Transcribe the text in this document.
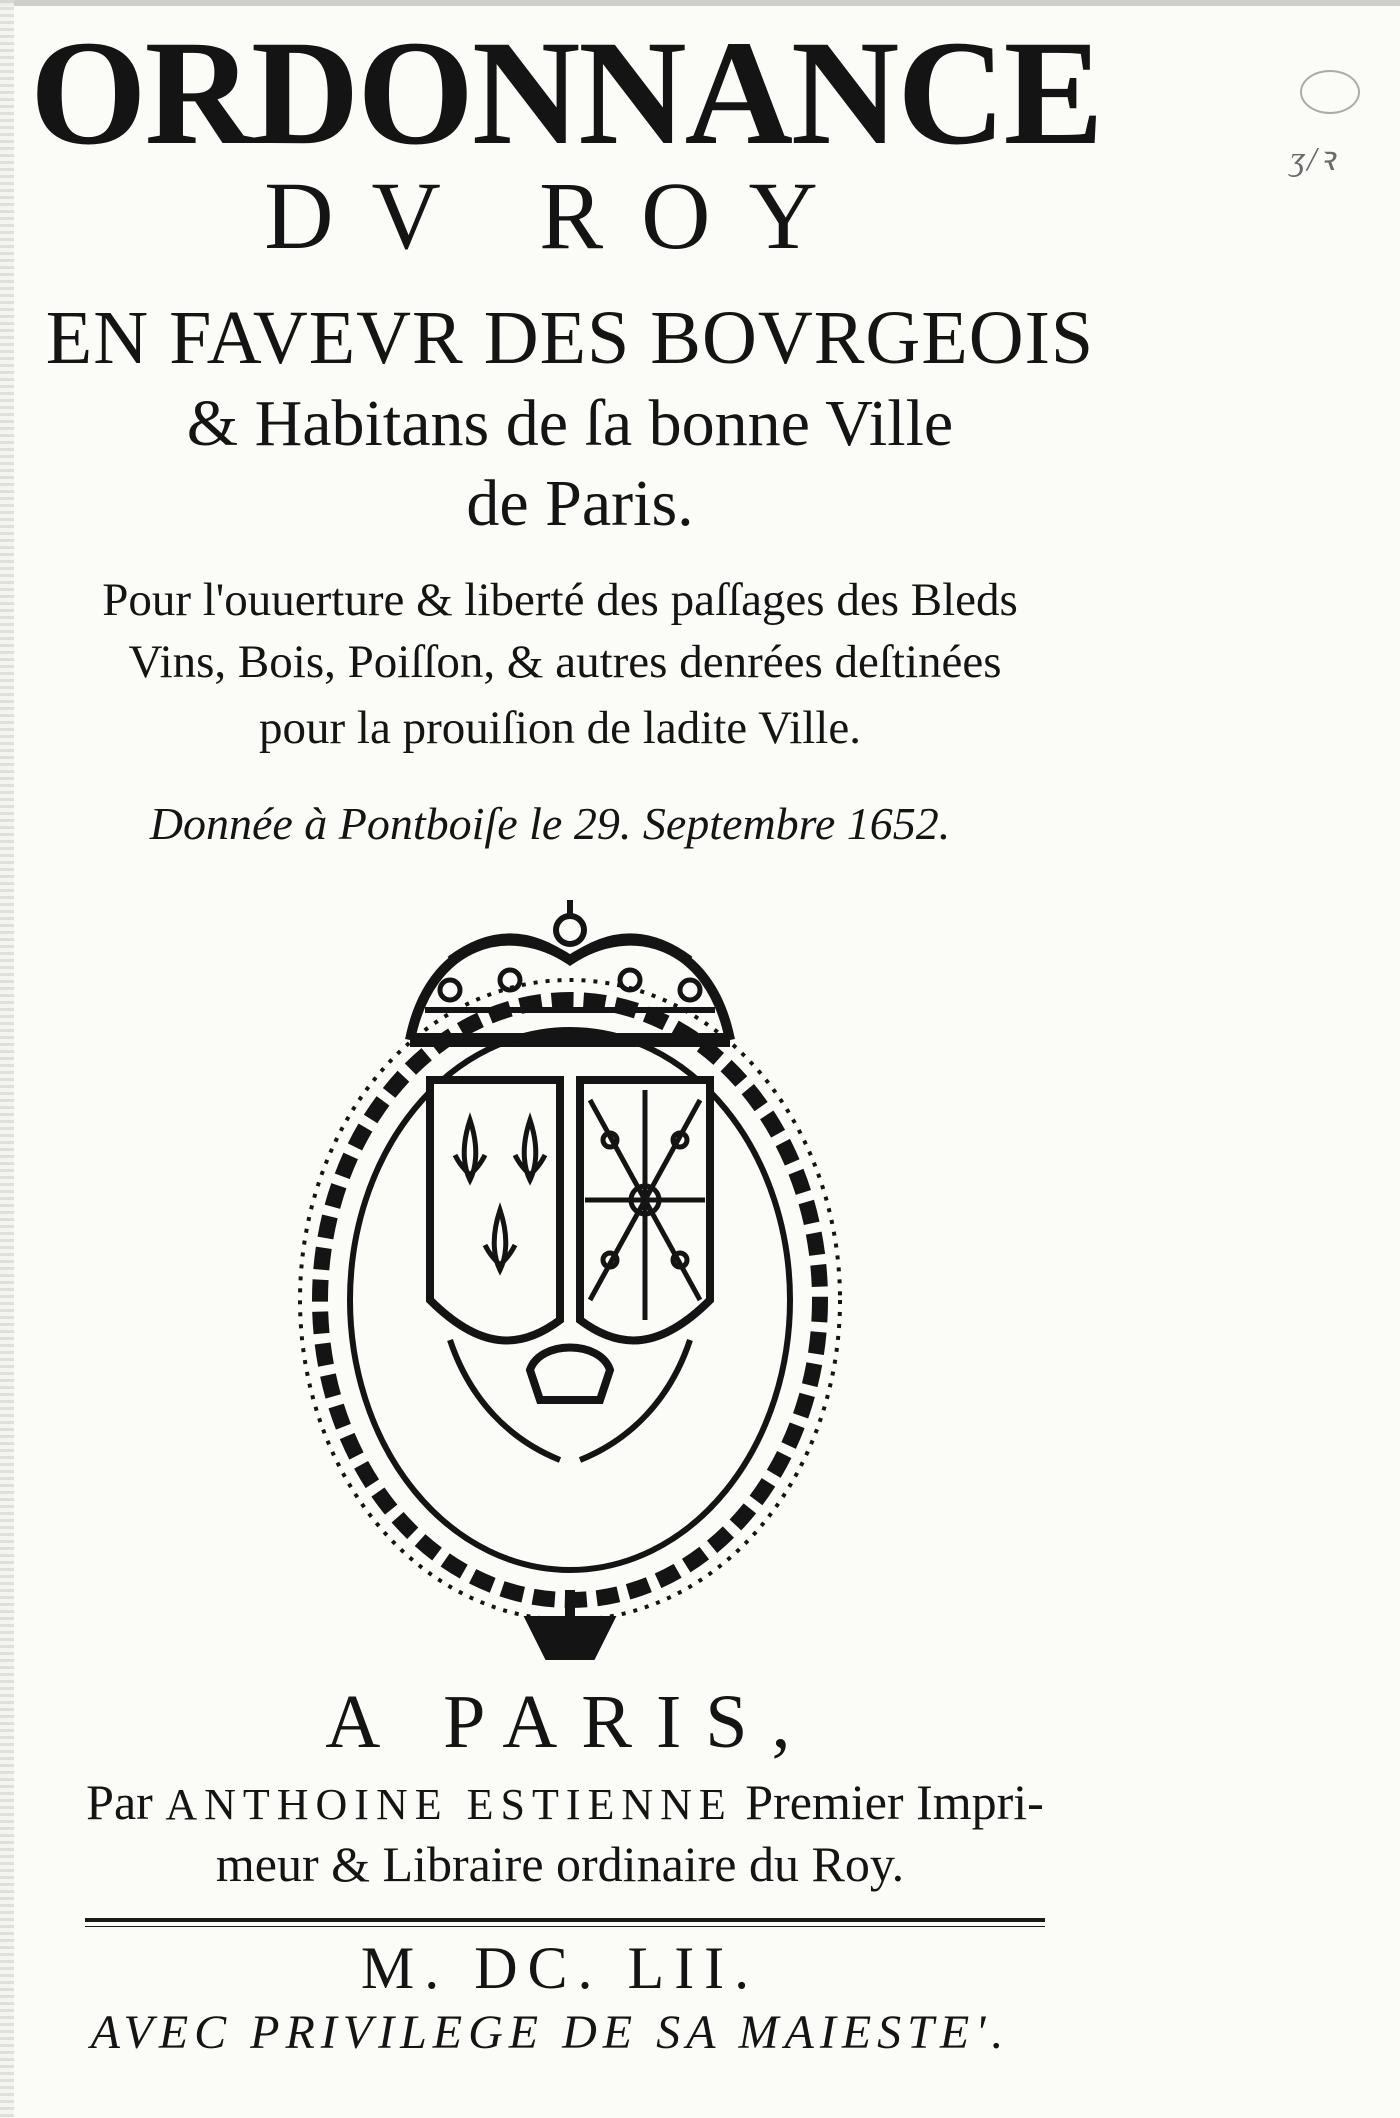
ʒ/ꝛ
ORDONNANCE
DV ROY
EN FAVEVR DES BOVRGEOIS
& Habitans de ſa bonne Ville
de Paris.
Pour l'ouuerture & liberté des paſſages des Bleds
Vins, Bois, Poiſſon, & autres denrées deſtinées
pour la prouiſion de ladite Ville.
Donnée à Pontboiſe le 29. Septembre 1652.
A PARIS,
Par ANTHOINE ESTIENNE Premier Impri-
meur & Libraire ordinaire du Roy.
M. DC. LII.
AVEC PRIVILEGE DE SA MAIESTE'.
